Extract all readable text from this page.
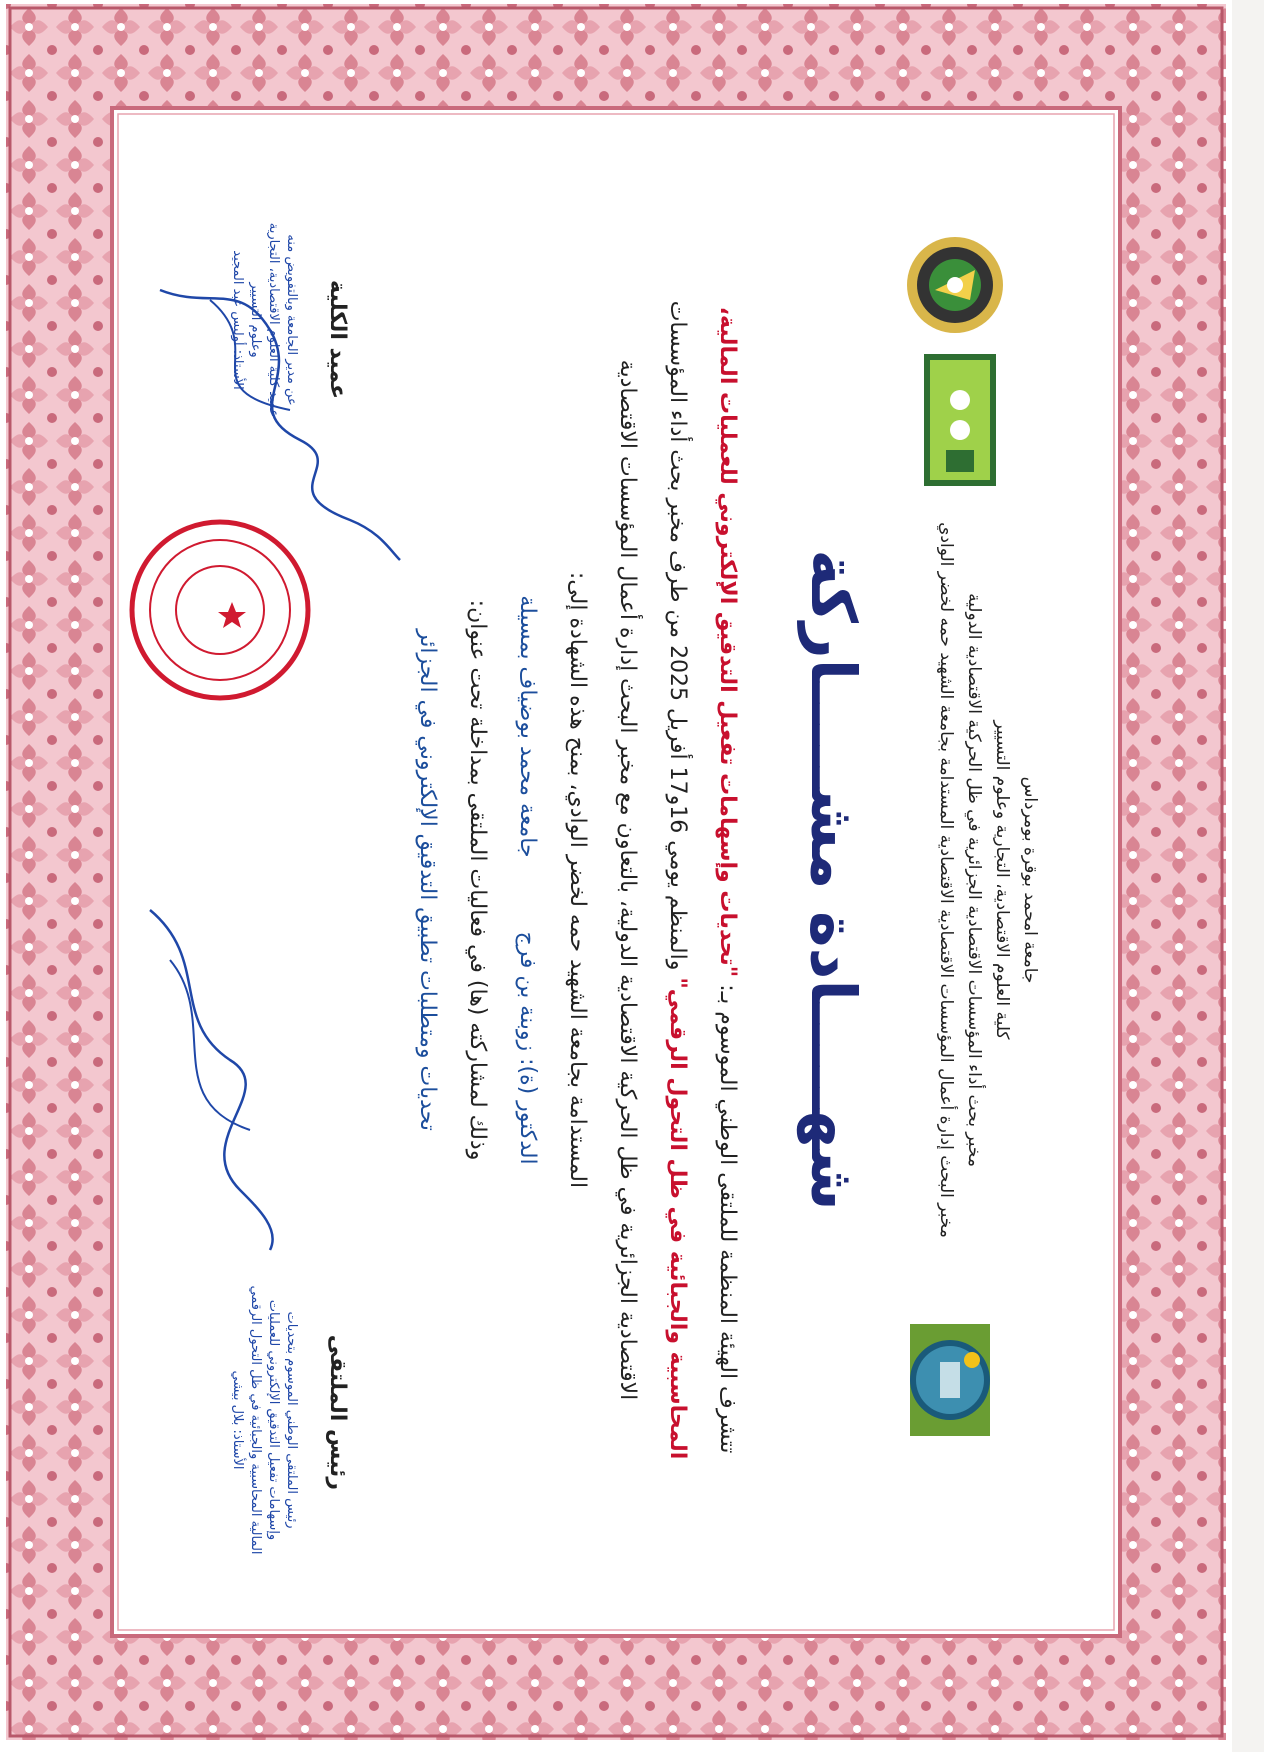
جامعة امحمد بوقرة بومرداس
كلية العلوم الاقتصادية، التجارية وعلوم التسيير
مخبر بحث أداء المؤسسات الاقتصادية الجزائرية في ظل الحركية الاقتصادية الدولية
مخبر البحث إدارة أعمال المؤسسات الاقتصادية الاقتصادية المستدامة بجامعة الشهيد حمه لخضر الوادي
شهـــــادة مشـــــاركة
تتشرف الهيئة المنظمة للملتقى الوطني الموسوم بـ: "تحديات وإسهامات تفعيل التدقيق الإلكتروني للعمليات المالية،
المحاسبية والجبائية في ظل التحول الرقمي" والمنظم يومي 16و17 أفريل 2025 من طرف مخبر بحث أداء المؤسسات
الاقتصادية الجزائرية في ظل الحركية الاقتصادية الدولية، بالتعاون مع مخبر البحث إدارة أعمال المؤسسات الاقتصادية
المستدامة بجامعة الشهيد حمه لخضر الوادي، بمنح هذه الشهادة إلى:
الدكتور (ة): زوبنة بن فرج  جامعة محمد بوضياف بمسيلة
وذلك لمشاركته (ها) في فعاليات الملتقى بمداخلة تحت عنوان:
تحديات ومتطلبات تطبيق التدقيق الإلكتروني في الجزائر
رئيس الملتقى
رئيس الملتقى الوطني الموسوم بتحديات
وإسهامات تفعيل التدقيق الإلكتروني للعمليات
المالية المحاسبية والجبائية في ظل التحول الرقمي
الأستاذ: بلال بيشي
عميد الكلية
عن مدير الجامعة وبالتفويض منه
عميد كلية العلوم الاقتصادية، التجارية
وعلوم التسيير
الأستاذ: أوليس عبد المجيد
